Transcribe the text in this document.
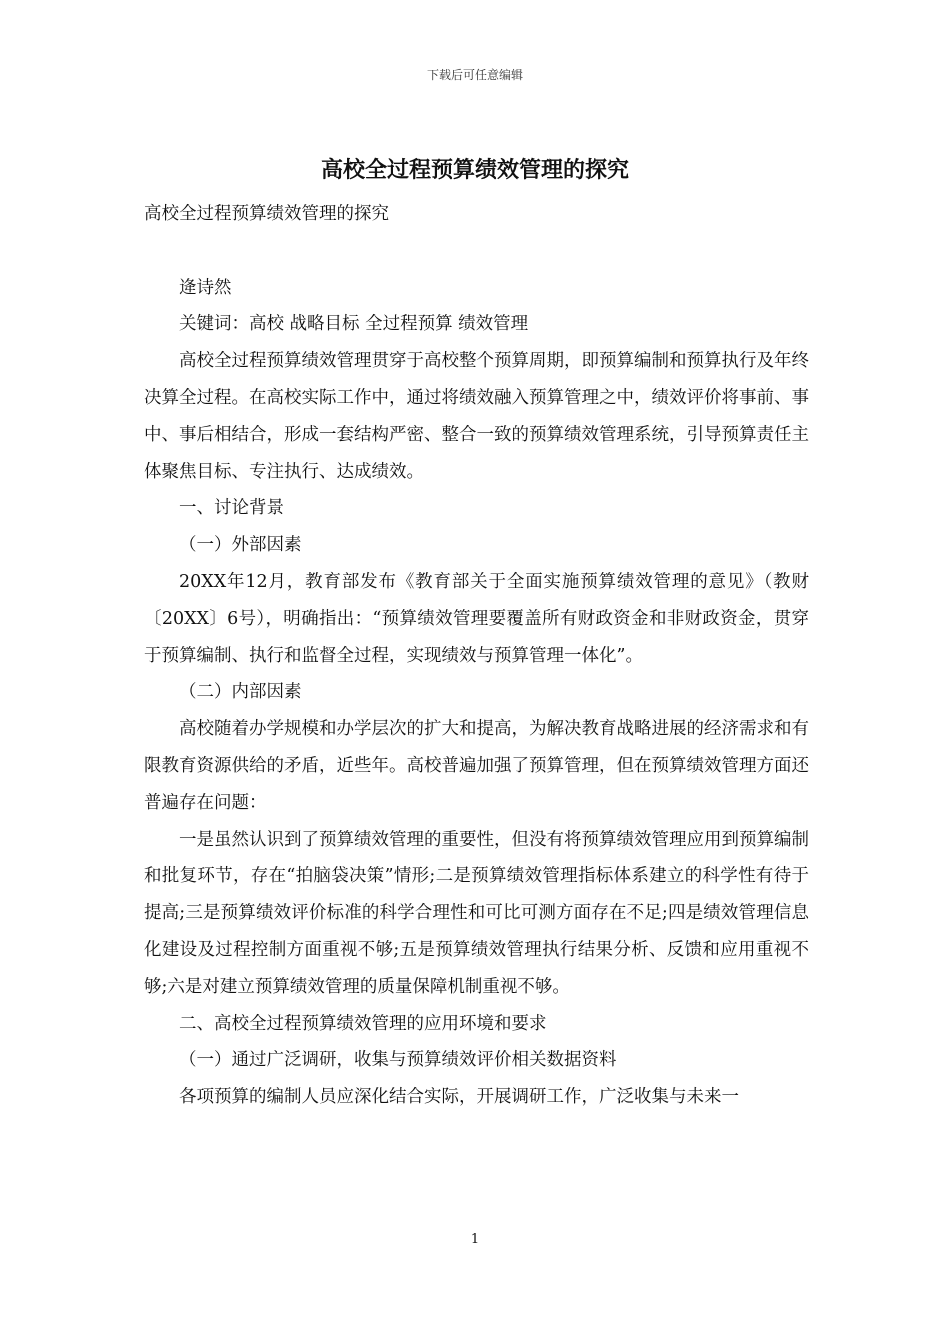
下载后可任意编辑
高校全过程预算绩效管理的探究

高校全过程预算绩效管理的探究

逄诗然

关键词：高校 战略目标 全过程预算 绩效管理

高校全过程预算绩效管理贯穿于高校整个预算周期，即预算编制和预算执行及年终决算全过程。在高校实际工作中，通过将绩效融入预算管理之中，绩效评价将事前、事中、事后相结合，形成一套结构严密、整合一致的预算绩效管理系统，引导预算责任主体聚焦目标、专注执行、达成绩效。

一、讨论背景

（一）外部因素

20XX年12月，教育部发布《教育部关于全面实施预算绩效管理的意见》（教财〔20XX〕6号），明确指出：“预算绩效管理要覆盖所有财政资金和非财政资金，贯穿于预算编制、执行和监督全过程，实现绩效与预算管理一体化”。

（二）内部因素

高校随着办学规模和办学层次的扩大和提高，为解决教育战略进展的经济需求和有限教育资源供给的矛盾，近些年。高校普遍加强了预算管理，但在预算绩效管理方面还普遍存在问题：

一是虽然认识到了预算绩效管理的重要性，但没有将预算绩效管理应用到预算编制和批复环节，存在“拍脑袋决策”情形;二是预算绩效管理指标体系建立的科学性有待于提高;三是预算绩效评价标准的科学合理性和可比可测方面存在不足;四是绩效管理信息化建设及过程控制方面重视不够;五是预算绩效管理执行结果分析、反馈和应用重视不够;六是对建立预算绩效管理的质量保障机制重视不够。

二、高校全过程预算绩效管理的应用环境和要求

（一）通过广泛调研，收集与预算绩效评价相关数据资料

各项预算的编制人员应深化结合实际，开展调研工作，广泛收集与未来一

1
